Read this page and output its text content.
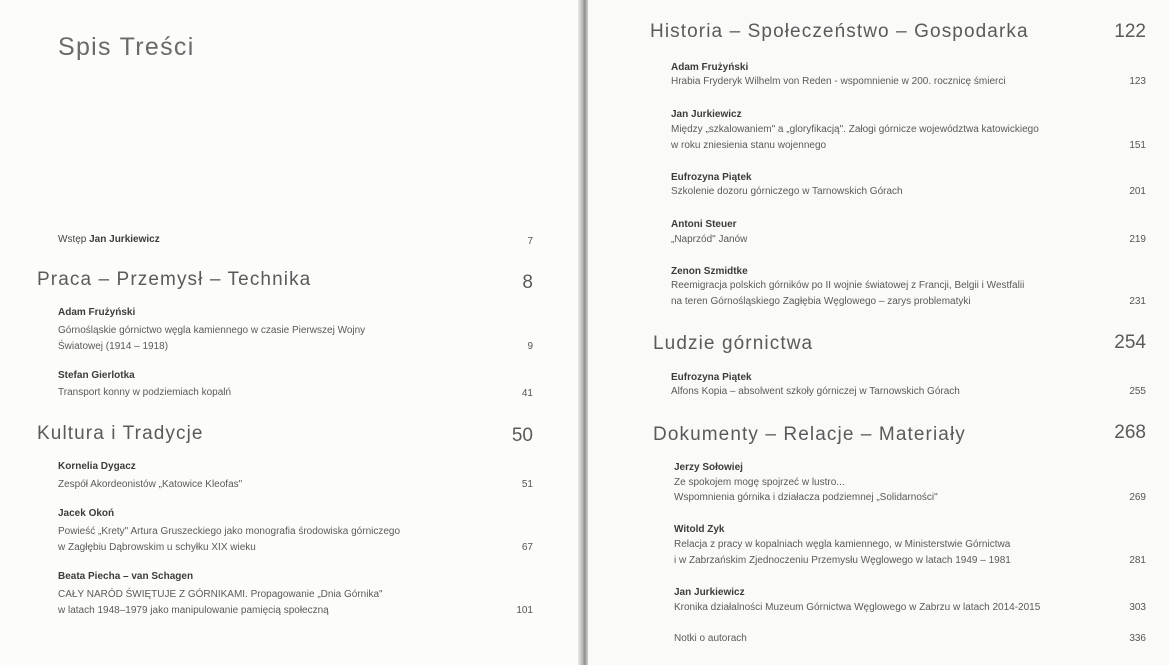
Spis Treści
Wstęp Jan Jurkiewicz	7
Praca – Przemysł – Technika	8
Adam Frużyński
Górnośląskie górnictwo węgla kamiennego w czasie Pierwszej Wojny
Światowej (1914 – 1918)	9
Stefan Gierlotka
Transport konny w podziemiach kopalń	41
Kultura i Tradycje	50
Kornelia Dygacz
Zespół Akordeonistów „Katowice Kleofas"	51
Jacek Okoń
Powieść „Krety" Artura Gruszeckiego jako monografia środowiska górniczego
w Zagłębiu Dąbrowskim u schyłku XIX wieku	67
Beata Piecha – van Schagen
CAŁY NARÓD ŚWIĘTUJE Z GÓRNIKAMI. Propagowanie „Dnia Górnika"
w latach 1948–1979 jako manipulowanie pamięcią społeczną	101
Historia – Społeczeństwo – Gospodarka	122
Adam Frużyński
Hrabia Fryderyk Wilhelm von Reden - wspomnienie w 200. rocznicę śmierci	123
Jan Jurkiewicz
Między „szkalowaniem" a „gloryfikacją". Załogi górnicze województwa katowickiego
w roku zniesienia stanu wojennego	151
Eufrozyna Piątek
Szkolenie dozoru górniczego w Tarnowskich Górach	201
Antoni Steuer
„Naprzód" Janów	219
Zenon Szmidtke
Reemigracja polskich górników po II wojnie światowej z Francji, Belgii i Westfalii
na teren Górnośląskiego Zagłębia Węglowego – zarys problematyki	231
Ludzie górnictwa	254
Eufrozyna Piątek
Alfons Kopia – absolwent szkoły górniczej w Tarnowskich Górach	255
Dokumenty – Relacje – Materiały	268
Jerzy Sołowiej
Ze spokojem mogę spojrzeć w lustro...
Wspomnienia górnika i działacza podziemnej „Solidarności"	269
Witold Zyk
Relacja z pracy w kopalniach węgla kamiennego, w Ministerstwie Górnictwa
i w Zabrzańskim Zjednoczeniu Przemysłu Węglowego w latach 1949 – 1981	281
Jan Jurkiewicz
Kronika działalności Muzeum Górnictwa Węglowego w Zabrzu w latach 2014-2015	303
Notki o autorach	336
